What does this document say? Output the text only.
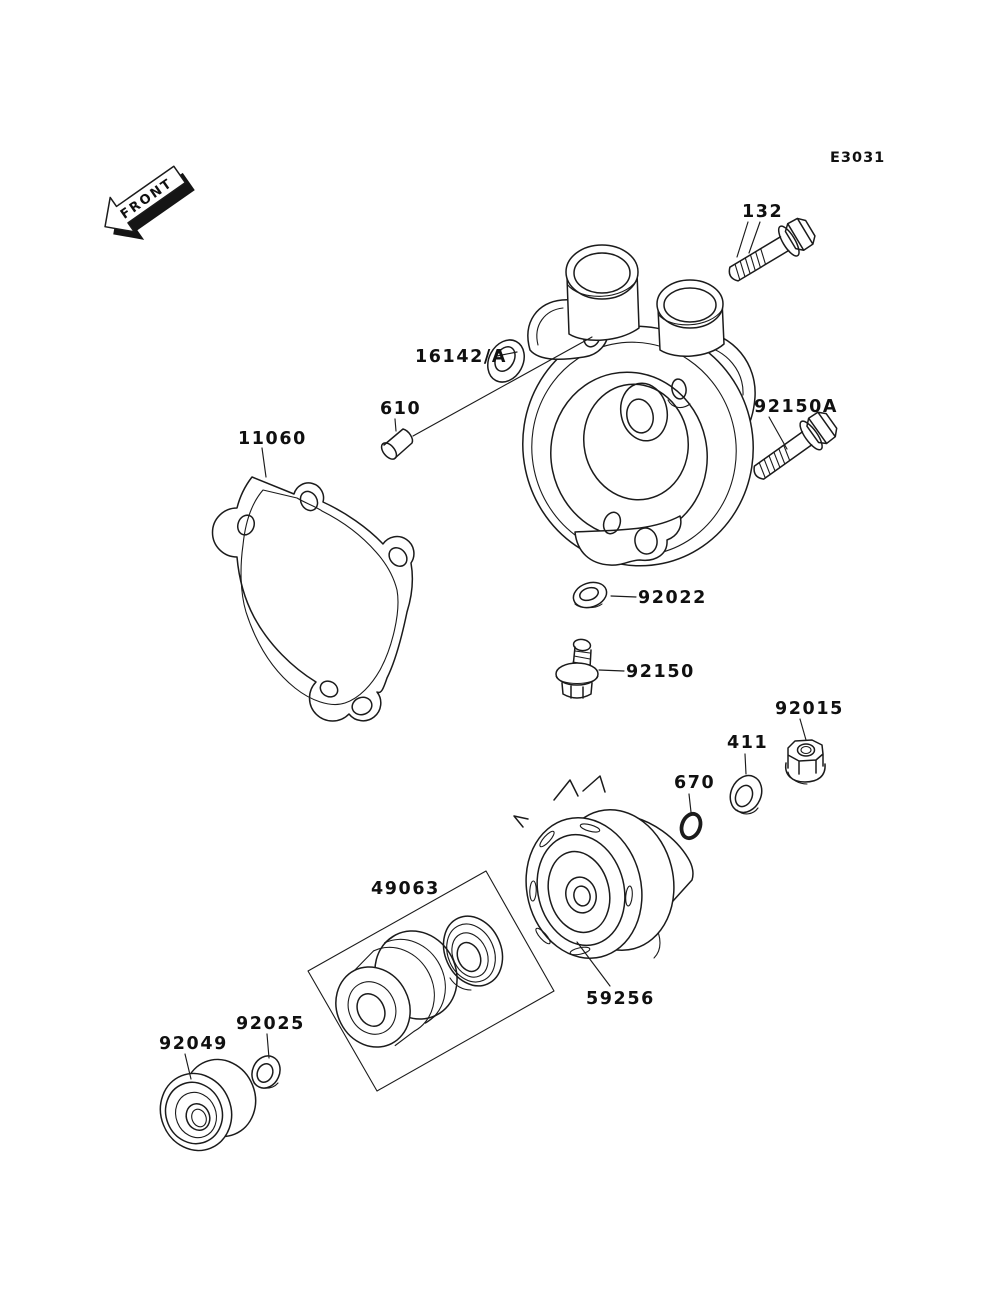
FRONT
E3031
132
92150A
16142/A
610
11060
92022
92150
92015
411
670
49063
59256
92025
92049
